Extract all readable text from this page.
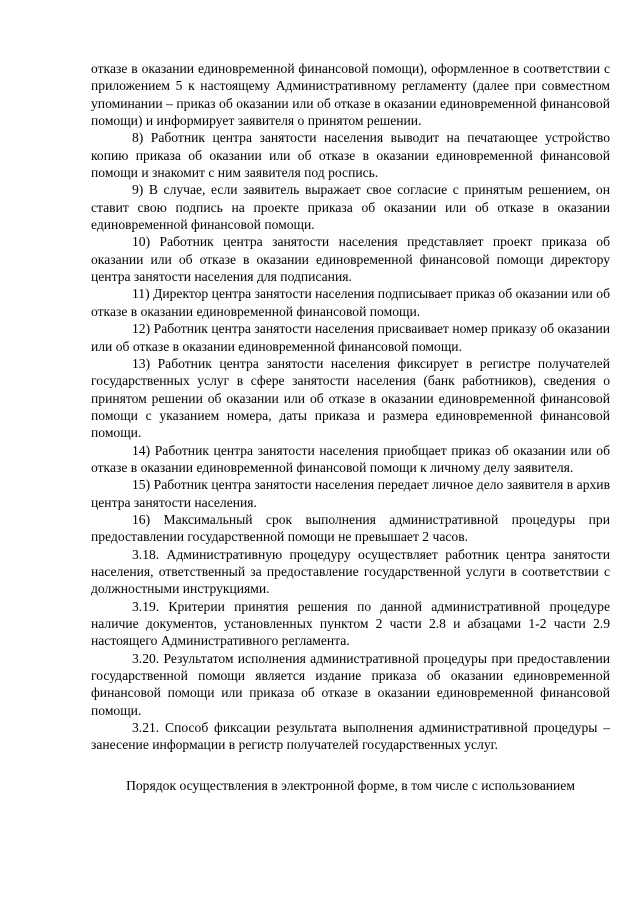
отказе в оказании единовременной финансовой помощи), оформленное в соответствии с приложением 5 к настоящему Административному регламенту (далее при совместном упоминании – приказ об оказании или об отказе в оказании единовременной финансовой помощи) и информирует заявителя о принятом решении.

8) Работник центра занятости населения выводит на печатающее устройство копию приказа об оказании или об отказе в оказании единовременной финансовой помощи и знакомит с ним заявителя под роспись.

9) В случае, если заявитель выражает свое согласие с принятым решением, он ставит свою подпись на проекте приказа об оказании или об отказе в оказании единовременной финансовой помощи.

10) Работник центра занятости населения представляет проект приказа об оказании или об отказе в оказании единовременной финансовой помощи директору центра занятости населения для подписания.

11) Директор центра занятости населения подписывает приказ об оказании или об отказе в оказании единовременной финансовой помощи.

12) Работник центра занятости населения присваивает номер приказу об оказании или об отказе в оказании единовременной финансовой помощи.

13) Работник центра занятости населения фиксирует в регистре получателей государственных услуг в сфере занятости населения (банк работников), сведения о принятом решении об оказании или об отказе в оказании единовременной финансовой помощи с указанием номера, даты приказа и размера единовременной финансовой помощи.

14) Работник центра занятости населения приобщает приказ об оказании или об отказе в оказании единовременной финансовой помощи к личному делу заявителя.

15) Работник центра занятости населения передает личное дело заявителя в архив центра занятости населения.

16) Максимальный срок выполнения административной процедуры при предоставлении государственной помощи не превышает 2 часов.

3.18. Административную процедуру осуществляет работник центра занятости населения, ответственный за предоставление государственной услуги в соответствии с должностными инструкциями.

3.19. Критерии принятия решения по данной административной процедуре наличие документов, установленных пунктом 2 части 2.8 и абзацами 1-2 части 2.9 настоящего Административного регламента.

3.20. Результатом исполнения административной процедуры при предоставлении государственной помощи является издание приказа об оказании единовременной финансовой помощи или приказа об отказе в оказании единовременной финансовой помощи.

3.21. Способ фиксации результата выполнения административной процедуры – занесение информации в регистр получателей государственных услуг.

Порядок осуществления в электронной форме, в том числе с использованием
